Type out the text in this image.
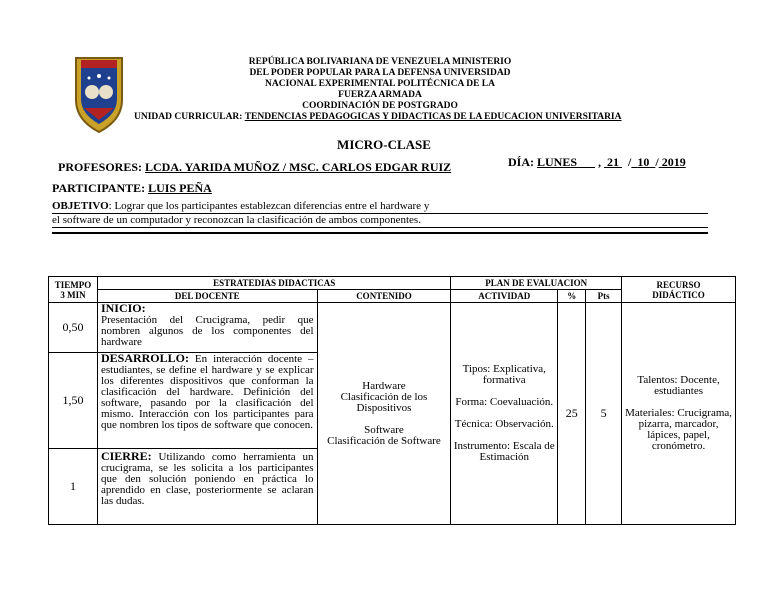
REPÚBLICA BOLIVARIANA DE VENEZUELA MINISTERIO
DEL PODER POPULAR PARA LA DEFENSA UNIVERSIDAD
NACIONAL EXPERIMENTAL POLITÉCNICA DE LA
FUERZA ARMADA
COORDINACIÓN DE POSTGRADO
UNIDAD CURRICULAR: TENDENCIAS PEDAGOGICAS Y DIDACTICAS DE LA EDUCACION UNIVERSITARIA
MICRO-CLASE
PROFESORES: LCDA. YARIDA MUÑOZ / MSC. CARLOS EDGAR RUIZ	DÍA: LUNES       ,  21   / 10 / 2019
PARTICIPANTE: LUIS PEÑA
OBJETIVO: Lograr que los participantes establezcan diferencias entre el hardware y
el software de un computador y reconozcan la clasificación de ambos componentes.
TIEMPO
3 MIN	ESTRATEDIAS DIDACTICAS		PLAN DE EVALUACION			RECURSO
DIDÁCTICO
	DEL DOCENTE	CONTENIDO	ACTIVIDAD	%	Pts	
0,50	INICIO:
Presentación del Crucigrama, pedir que nombren algunos de los componentes del hardware	Hardware
Clasificación de los
Dispositivos

Software
Clasificación de Software	Tipos: Explicativa, formativa

Forma: Coevaluación.

Técnica: Observación.

Instrumento: Escala de Estimación	25	5	Talentos: Docente, estudiantes

Materiales: Crucigrama, pizarra, marcador, lápices, papel, cronómetro.
1,50	DESARROLLO: En interacción docente – estudiantes, se define el hardware y se explicar los diferentes dispositivos que conforman la clasificación del hardware. Definición del software, pasando por la clasificación del mismo. Interacción con los participantes para que nombren los tipos de software que conocen.					
1	CIERRE: Utilizando como herramienta un crucigrama, se les solicita a los participantes que den solución poniendo en práctica lo aprendido en clase, posteriormente se aclaran las dudas.					
